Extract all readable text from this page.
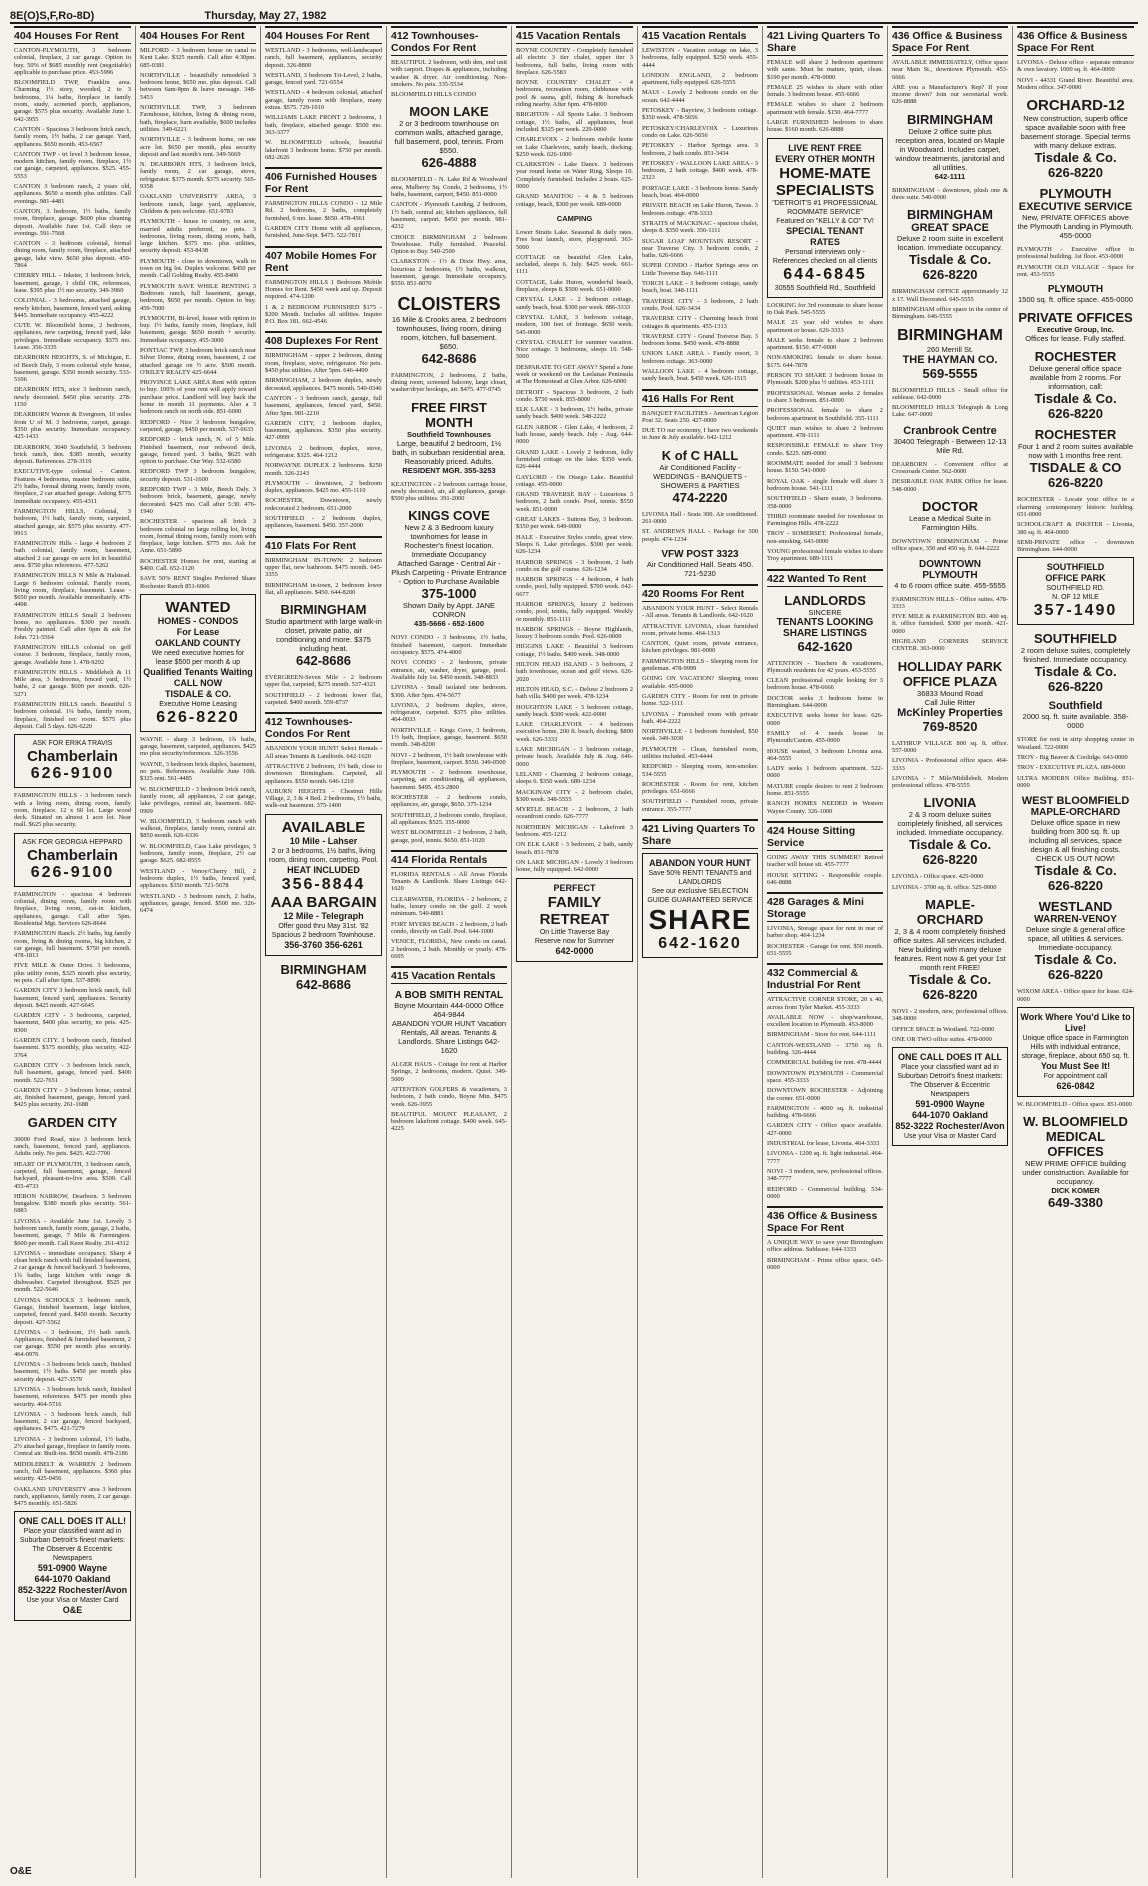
8E(O)S,F,Ro-8D)	Thursday, May 27, 1982
404 Houses For Rent

CANTON-PLYMOUTH, 3 bedroom colonial, fireplace, 2 car garage. Option to buy. 50% of $685 monthly rent (negotiable) applicable to purchase price. 453-5996

BLOOMFIELD TWP, Franklin area. Charming 1½ story, wooded, 2 to 3 bedrooms, 1¼ baths, fireplace in family room, study, screened porch, appliances, garage. $575 plus security. Available June 1. 642-3955

CANTON - Spacious 3 bedroom brick ranch, family room, 1½ baths, 2 car garage. Yard, appliances. $650 month. 453-6567

CANTON TWP - tri level 3 bedroom house, modern kitchen, family room, fireplace, 1½ car garage, carpeted, appliances. $525. 455-5553

CANTON 3 bedroom ranch, 2 years old, appliances. $650 a month plus utilities. Call evenings. 981-4481

CANTON, 3 bedroom, 1½ baths, family room, fireplace, garage. $600 plus cleaning deposit. Available June 1st. Call days or evenings. 591-7568

CANTON - 3 bedroom colonial, formal dining room, family room, fireplace, attached garage, lake view. $650 plus deposit. 459-7864

CHERRY HILL - Inkster, 3 bedroom brick, basement, garage, 1 child OK, references, lease. $395 plus 1½ mo security. 349-3960

COLONIAL - 3 bedrooms, attached garage, newly kitchen, basement, fenced yard, asking $445. Immediate occupancy. 455-4222

CUTE W. Bloomfield home, 2 bedroom, appliances, new carpeting, fenced yard, lake privileges. Immediate occupancy. $375 mo. Lease. 356-3335

DEARBORN HEIGHTS, S. of Michigan, E. of Beech Daly, 3 room colonial style house, basement, garage. $350 month security. 533-5106

DEARBORN HTS, nice 3 bedroom ranch, newly decorated. $450 plus security. 278-1150

DEARBORN Warren & Evergreen, 10 miles from U of M. 3 bedrooms, carpet, garage. $350 plus security. Immediate occupancy. 425-1433

DEARBORN, 3040 Southfield, 3 bedroom brick ranch, den. $385 month, security deposit. References. 278-3119

EXECUTIVE-type colonial - Canton. Features 4 bedrooms, master bedroom suite, 2½ baths, formal dining room, family room, fireplace, 2 car attached garage. Asking $775 immediate occupancy. 455-4311

FARMINGTON HILLS, Colonial, 3 bedroom, 1½ bath, family room, carpeted, attached garage, air. $575 plus security. 477-9913

FARMINGTON Hills - large 4 bedroom 2 bath colonial, family room, basement, attached 2 car garage on acre lot in beautiful area. $750 plus references. 477-5262

FARMINGTON HILLS N Mile & Halstead. Large 6 bedroom colonial. Family room, living room, fireplace, basement. Lease - $650 per month. Available immediately. 478-4498

FARMINGTON HILLS Small 2 bedroom home, no appliances. $300 per month. Freshly painted. Call after 6pm & ask for John. 721-5564

FARMINGTON HILLS colonial on golf course. 3 bedroom, fireplace, family room, garage. Available June 1. 478-9292

FARMINGTON HILLS - Middlebelt & 11 Mile area, 3 bedrooms, fenced yard, 1½ baths, 2 car garage. $600 per month. 626-5271

FARMINGTON HILLS ranch. Beautiful 3 bedroom colonial. 1¼ baths, family room, fireplace, finished rec room. $575 plus deposit. Call 5 days. 626-6220

ASK FOR ERIKA TRAVIS
Chamberlain
626-9100

FARMINGTON HILLS - 3 bedroom ranch with a living room, dining room, family room, fireplace. 12 x 60 lot. Large wood deck. Situated on almost 1 acre lot. Near mall. $625 plus security.

ASK FOR GEORGIA HEPPARD
Chamberlain
626-9100

FARMINGTON - spacious 4 bedroom colonial, dining room, family room with fireplace, living room, eat-in kitchen, appliances, garage. Call after 5pm. Residential Mgt. Services 626-8644

FARMINGTON Ranch. 2½ baths, big family room, living & dining rooms, big kitchen, 2 car garage, full basement. $750 per month. 478-1813

FIVE MILE & Outer Drive. 3 bedrooms, plus utility room, $325 month plus security, no pets. Call after 6pm. 537-8896

GARDEN CITY 3 bedroom brick ranch, full basement, fenced yard, appliances. Security deposit. $425 month. 427-6645

GARDEN CITY - 3 bedrooms, carpeted, basement, $400 plus security, no pets. 425-8300

GARDEN CITY. 3 bedroom ranch, finished basement. $375 monthly, plus security. 422-3764

GARDEN CITY - 3 bedroom brick ranch, full basement, garage, fenced yard. $400 month. 522-7651

GARDEN CITY - 3 bedroom home, central air, finished basement, garage, fenced yard. $425 plus security. 261-1688

GARDEN CITY

30000 Ford Road, nice 3 bedroom brick ranch, basement, fenced yard, appliances. Adults only. No pets. $425. 422-7700

HEART OF PLYMOUTH, 3 bedroom ranch, carpeted, full basement, garage, fenced backyard, pleasant-to-live area. $500. Call 455-4733

HERON NARROW, Dearborn. 3 bedroom bungalow. $380 month plus security. 561-6883

LIVONIA - Available June 1st. Lovely 3 bedroom ranch, family room, garage, 2 baths, basement, garage, 7 Mile & Farmington. $600 per month. Call Keen Realty. 261-4312

LIVONIA - immediate occupancy. Sharp 4 clean brick ranch with full finished basement, 2 car garage & fenced backyard. 3 bedrooms, 1¾ baths, large kitchen with range & dishwasher. Carpeted throughout. $525 per month. 522-5646

LIVONIA SCHOOLS 3 bedroom ranch, Garage, finished basement, large kitchen, carpeted, fenced yard. $450 month. Security deposit. 427-5562

LIVONIA - 3 bedroom, 1½ bath ranch. Appliances, finished & furnished basement, 2 car garage. $550 per month plus security. 464-0976

LIVONIA - 3 bedroom brick ranch, finished basement, 1½ baths. $450 per month plus security deposit. 427-3579

LIVONIA - 3 bedroom brick ranch, finished basement, references. $475 per month plus security. 464-5716

LIVONIA - 3 bedroom brick ranch, full basement, 2 car garage, fenced backyard, appliances. $475. 421-7279

LIVONIA - 3 bedroom colonial, 1½ baths, 2½ attached garage, fireplace in family room. Central air. Built-ins. $650 month. 478-2186

MIDDLEBELT & WARREN 2 bedroom ranch, full basement, appliances. $360 plus security. 425-0456

OAKLAND UNIVERSITY area 3 bedroom ranch, appliances, family room, 2 car garage. $475 monthly. 651-5826

ONE CALL DOES IT ALL!
Place your classified want ad in Suburban Detroit's finest markets: The Observer & Eccentric Newspapers
591-0900 Wayne
644-1070 Oakland
852-3222 Rochester/Avon
Use your Visa or Master Card
O&E
404 Houses For Rent

MILFORD - 3 bedroom house on canal to Kent Lake. $325 month. Call after 4:30pm. 685-0381

NORTHVILLE - beautifully remodeled 3 bedroom home, $650 mo. plus deposit. Call between 6am-8pm & leave message. 348-5453

NORTHVILLE TWP, 3 bedroom Farmhouse, kitchen, living & dining room, bath, fireplace, barn available, $600 includes utilities. 349-6221

NORTHVILLE - 3 bedroom home, on one acre lot. $650 per month, plus security deposit and last month's rent. 349-5669

N. DEARBORN HTS, 3 bedroom brick, family room, 2 car garage, stove, refrigerator. $375 month. $375 security. 565-9358

OAKLAND UNIVERSITY AREA, 3 bedroom ranch, large yard, appliances, Children & pets welcome. 651-9783

PLYMOUTH - house in country, on acre, married adults preferred, no pets. 3 bedrooms, living room, dining room, bath, large kitchen. $375 mo. plus utilities, security deposit. 453-8438

PLYMOUTH - close to downtown, walk to town on big lot. Duplex welcome. $450 per month. Call Golding Realty. 455-8400

PLYMOUTH SAVE WHILE RENTING 3 Bedroom ranch, full basement, garage, bedroom, $650 per month. Option to buy. 459-7000

PLYMOUTH, Bi-level, house with option to buy. 1½ baths, family room, fireplace, full basement, garage. $650 month + security. Immediate occupancy. 455-3000

PONTIAC TWP, 3 bedroom brick ranch near Silver Dome, dining room, basement, 2 car attached garage on ½ acre. $500 month. O'RILEY REALTY 425-6644

PROVINCE LAKE AREA Rent with option to buy. 100% of your rent will apply toward purchase price. Landlord will buy back the home in month 11 payments. Also a 3 bedroom ranch on north side. 851-6000

REDFORD - Nice 3 bedroom bungalow, carpeted, garage, $450 per month. 537-6633

REDFORD - brick ranch, N. of 5 Mile. Finished basement, rear redwood deck, garage, fenced yard. 3 baths, $625 with option to purchase. Our Way. 532-6580

REDFORD TWP 3 bedroom bungalow, security deposit. 531-1600

REDFORD TWP - 3 Mile, Beech Daly. 3 bedroom brick, basement, garage, newly decorated. $425 mo. Call after 5:30. 476-1940

ROCHESTER - spacious all brick 3 bedroom colonial on large rolling lot, living room, formal dining room, family room with fireplace, large kitchen. $775 mo. Ask for Anne. 651-5890

ROCHESTER Homes for rent, starting at $400. Call. 652-1120

SAVE 50% RENT Singles Preferred Share Rochester Ranch 851-6066

WANTED
HOMES - CONDOS
For Lease
OAKLAND COUNTY
We need executive homes for lease $500 per month & up
Qualified Tenants Waiting
CALL NOW
TISDALE & CO.
Executive Home Leasing
626-8220

WAYNE - sharp 3 bedroom, 1¾ baths, garage, basement, carpeted, appliances. $425 mo plus security/references. 326-3556

WAYNE, 3 bedroom brick duplex, basement, no pets. References. Available June 10th. $325 rent. 561-4485

W. BLOOMFIELD - 3 bedroom brick ranch, family room, all appliances, 2 car garage, lake privileges, central air, basement. 682-0909

W. BLOOMFIELD, 3 bedroom ranch with walkout, fireplace, family room, central air. $850 month. 626-6336

W. BLOOMFIELD, Cass Lake privileges, 3 bedroom, family room, fireplace, 2½ car garage. $625. 682-8555

WESTLAND - Venoy/Cherry Hill, 2 bedroom duplex, 1½ baths, fenced yard, appliances. $350 month. 721-5678

WESTLAND - 3 bedroom ranch, 2 baths, appliances, garage, fenced. $500 mo. 326-6474

404 Houses For Rent

WESTLAND - 3 bedrooms, well-landscaped ranch, full basement, appliances, security deposit. 326-8800

WESTLAND, 3 bedroom Tri-Level, 2 baths, garage, fenced yard. 721-6554

WESTLAND - 4 bedroom colonial, attached garage, family room with fireplace, many extras. $575. 729-1010

WILLIAMS LAKE FRONT 2 bedrooms, 1 bath, fireplace, attached garage. $500 mo. 363-3377

W. BLOOMFIELD schools, beautiful lakefront 3 bedroom home. $750 per month. 682-2626

406 Furnished Houses For Rent

FARMINGTON HILLS CONDO - 12 Mile Rd. 2 bedrooms, 2 baths, completely furnished, 6 mo. lease. $650. 478-4561

GARDEN CITY Home with all appliances, furnished, June-Sept. $475. 522-7811

407 Mobile Homes For Rent

FARMINGTON HILLS 1 Bedroom Mobile Homes for Rent. $450 week and up. Deposit required. 474-1200

1 & 2 BEDROOM FURNISHED $175 - $200 Month. Includes all utilities. Inquire P.O. Box 181. 662-4546

408 Duplexes For Rent

BIRMINGHAM - upper 2 bedroom, dining room, fireplace, stove, refrigerator. No pets. $450 plus utilities. After 5pm. 646-4490

BIRMINGHAM, 2 bedroom duplex, newly decorated, appliances. $475 month. 540-0346

CANTON - 3 bedroom ranch, garage, full basement, appliances, fenced yard, $450. After 5pm. 981-2210

GARDEN CITY, 2 bedroom duplex, basement, appliances. $350 plus security. 427-0999

LIVONIA 2 bedroom duplex, stove, refrigerator. $325. 464-1212

NORWAYNE DUPLEX 2 bedrooms. $250 month. 326-2243

PLYMOUTH - downtown, 2 bedroom duplex, appliances. $425 mo. 455-1110

ROCHESTER, Downtown, newly redecorated 2 bedroom. 651-2000

SOUTHFIELD - 2 bedroom duplex, appliances, basement. $450. 357-2000

410 Flats For Rent

BIRMINGHAM IN-TOWN: 2 bedroom upper flat, new bathroom. $475 month. 645-3355

BIRMINGHAM in-town, 2 bedroom lower flat, all appliances. $450. 644-8200

BIRMINGHAM
Studio apartment with large walk-in closet, private patio, air conditioning and more. $375 including heat.
642-8686

EVERGREEN-Seven Mile - 2 bedroom upper flat, carpeted, $275 month. 537-4321

SOUTHFIELD - 2 bedroom lower flat, carpeted. $400 month. 559-8737

412 Townhouses-Condos For Rent

ABANDON YOUR HUNT! Select Rentals - All areas Tenants & Landlords. 642-1620

ATTRACTIVE 2 bedroom, 1½ bath, close to downtown Birmingham. Carpeted, all appliances. $550 month. 646-1210

AUBURN HEIGHTS - Chestnut Hills Village, 2, 3 & 4 Bed. 2 bedrooms, 1½ baths, walk-out basement. 375-1400

AVAILABLE
10 Mile - Lahser
2 or 3 bedrooms, 1½ baths, living room, dining room, carpeting. Pool.
HEAT INCLUDED
356-8844
AAA BARGAIN
12 Mile - Telegraph
Offer good thru May 31st. '82 Spacious 2 bedroom Townhouse.
356-3760 356-6261
BIRMINGHAM
642-8686
412 Townhouses-Condos For Rent

BEAUTIFUL 2 bedroom, with den, end unit with carport. Drapes & appliances, including washer & dryer. Air conditioning. Non-smokers. No pets. 335-5534

BLOOMFIELD HILLS CONDO

MOON LAKE
2 or 3 bedroom townhouse on common walls, attached garage, full basement, pool, tennis. From $550.
626-4888

BLOOMFIELD - N. Lake Rd & Woodward area, Mulberry Sq. Condo, 2 bedrooms, 1½ baths, basement, carport, $450. 851-0000

CANTON - Plymouth Landing, 2 bedroom, 1½ bath, central air, kitchen appliances, full basement, carport. $450 per month. 981-4232

CHOICE BIRMINGHAM 2 bedroom Townhouse. Fully furnished. Peaceful. Option to Buy. 540-2500

CLARKSTON - 1½ & Dixie Hwy. area, luxurious 2 bedrooms, 1½ baths, walkout, basement, garage. Immediate occupancy. $550. 851-8070

CLOISTERS
16 Mile & Crooks area. 2 bedroom townhouses, living room, dining room, kitchen, full basement. $650.
642-8686

FARMINGTON, 2 bedrooms, 2 baths, dining room, screened balcony, large closet, washer/dryer hookups, air. $475. 477-0745

FREE FIRST MONTH
Southfield Townhouses
Large, beautiful 2 bedroom, 1½ bath, in suburban residential area. Reasonably priced. Adults.
RESIDENT MGR. 355-3253

KEATINGTON - 2 bedroom carriage house, newly decorated, air, all appliances, garage. $500 plus utilities. 391-2000

KINGS COVE
New 2 & 3 Bedroom luxury townhomes for lease in Rochester's finest location. Immediate Occupancy
Attached Garage - Central Air - Plush Carpeting - Private Entrance - Option to Purchase Available
375-1000
Shown Daily by Appt. JANE CONRON
435-5666 - 652-1600

NOVI CONDO - 3 bedrooms, 1½ baths, finished basement, carport. Immediate occupancy. $575. 474-4000

NOVI CONDO - 2 bedroom, private entrance, air, washer, dryer, garage, pool. Available July 1st. $450 month. 348-8833

LIVONIA - Small isolated one bedroom. $300. After 5pm. 474-5677

LIVONIA, 2 bedroom duplex, stove, refrigerator, carpeted. $375 plus utilities. 464-0033

NORTHVILLE - Kings Cove, 3 bedroom, 1½ bath, fireplace, garage, basement. $650 month. 348-8200

NOVI - 2 bedroom, 1½ bath townhouse with fireplace, basement, carport. $550. 349-0500

PLYMOUTH - 2 bedroom townhouse, carpeting, air conditioning, all appliances, basement. $495. 453-2800

ROCHESTER - 2 bedroom condo, appliances, air, garage, $650. 375-1234

SOUTHFIELD, 2 bedroom condo, fireplace, all appliances. $525. 355-0000

WEST BLOOMFIELD - 2 bedroom, 2 bath, garage, pool, tennis. $650. 851-1020

414 Florida Rentals

FLORIDA RENTALS - All Areas Florida Tenants & Landlords. Share Listings 642-1620

CLEARWATER, FLORIDA - 2 bedroom, 2 baths, luxury condo on the gulf. 2 week minimum. 540-8881

FORT MYERS BEACH - 2 bedroom, 2 bath condo, directly on Gulf. Pool. 644-1000

VENICE, FLORIDA, New condo on canal. 2 bedroom, 2 bath. Monthly or yearly. 478-6695

415 Vacation Rentals
A BOB SMITH RENTAL
Boyne Mountain 444-0000 Office 464-9844
ABANDON YOUR HUNT Vacation Rentals, All areas. Tenants & Landlords. Share Listings 642-1620

ALGER HAUS - Cottage for rent at Harbor Springs, 2 bedrooms, modern. Quiet. 349-5000

ATTENTION GOLFERS & vacationers, 3 bedroom, 2 bath condo, Boyne Mtn. $475 week. 626-3955

BEAUTIFUL MOUNT PLEASANT, 2 bedroom lakefront cottage. $400 week. 645-4225

415 Vacation Rentals

BOYNE COUNTRY - Completely furnished all electric 3 tier chalet, upper tier 3 bedrooms, full baths, living room with fireplace. 626-5583

BOYNE COUNTRY CHALET - 4 bedrooms, recreation room, clubhouse with pool & sauna, golf, fishing & horseback riding nearby. After 6pm. 478-0000

BRIGHTON - All Sports Lake. 3 bedroom cottage, 1½ baths, all appliances, boat included. $325 per week. 229-0000

CHARLEVOIX - 2 bedroom mobile home on Lake Charlevoix, sandy beach, docking. $250 week. 626-1000

CLARKSTON - Lake Dance. 3 bedroom year round home on Water Ring, Sleeps 10. Completely furnished. Includes 2 boats. 625-0000

GRAND MANITOU - 4 & 5 bedroom cottage, beach, $300 per week. 689-0000

CAMPING

Lower Straits Lake. Seasonal & daily rates. Free boat launch, store, playground. 363-5000

COTTAGE on beautiful Glen Lake, secluded, sleeps 6. July. $425 week. 661-1111

COTTAGE, Lake Huron, wonderful beach, fireplace, sleeps 8. $500 week. 651-0000

CRYSTAL LAKE - 2 bedroom cottage, sandy beach, boat. $300 per week. 886-3333

CRYSTAL LAKE, 3 bedroom cottage, modern, 100 feet of frontage. $650 week. 545-0000

CRYSTAL CHALET for summer vacation. Nice cottage. 3 bedrooms, sleeps 10. 548-5000

DESPARATE TO GET AWAY? Spend a June week or weekend on the Leelanau Peninsula at The Homestead at Glen Arbor. 626-6000

DETROIT - Spacious 3 bedroom, 2 bath condo. $750 week. 855-8000

ELK LAKE - 3 bedroom, 1½ baths, private sandy beach. $400 week. 348-2222

GLEN ARBOR - Glen Lake, 4 bedroom, 2 bath house, sandy beach. July - Aug. 644-0000

GRAND LAKE - Lovely 2 bedroom, fully furnished cottage on the lake. $350 week. 626-4444

GAYLORD - On Otsego Lake. Beautiful cottage. 455-0000

GRAND TRAVERSE BAY - Luxurious 3 bedroom, 2 bath condo. Pool, tennis. $550 week. 851-0000

GREAT LAKES - Suttons Bay, 3 bedroom. $350 per week. 649-0000

HALE - Executive Styles condo, great view. Sleeps 6. Lake privileges. $300 per week. 626-1234

HARBOR SPRINGS - 3 bedroom, 2 bath condo on the golf course. 626-1234

HARBOR SPRINGS - 4 bedroom, 4 bath condo, pool, fully equipped. $700 week. 642-6677

HARBOR SPRINGS, luxury 2 bedroom condo, pool, tennis, fully equipped. Weekly or monthly. 851-1111

HARBOR SPRINGS - Boyne Highlands, luxury 3 bedroom condo. Pool. 626-0000

HIGGINS LAKE - Beautiful 3 bedroom cottage, 1½ baths. $400 week. 348-0000

HILTON HEAD ISLAND - 3 bedroom, 2 bath townhouse, ocean and golf views. 626-2020

HILTON HEAD, S.C. - Deluxe 2 bedroom 2 bath villa. $400 per week. 478-1234

HOUGHTON LAKE - 3 bedroom cottage, sandy beach. $300 week. 422-0000

LAKE CHARLEVOIX - 4 bedroom executive home, 200 ft. beach, docking. $800 week. 626-3333

LAKE MICHIGAN - 3 bedroom cottage, private beach. Available July & Aug. 646-0000

LELAND - Charming 2 bedroom cottage, sleeps 6. $350 week. 689-1234

MACKINAW CITY - 2 bedroom chalet, $300 week. 348-5555

MYRTLE BEACH - 2 bedroom, 2 bath oceanfront condo. 626-7777

NORTHERN MICHIGAN - Lakefront 3 bedroom. 455-1212

ON ELK LAKE - 3 bedroom, 2 bath, sandy beach. 851-7878

ON LAKE MICHIGAN - Lovely 3 bedroom home, fully equipped. 642-0000

PERFECT
FAMILY RETREAT
On Little Traverse Bay
Reserve now for Summer
642-0000
415 Vacation Rentals

LEWISTON - Vacation cottage on lake, 3 bedrooms, fully equipped. $250 week. 455-4444

LONDON ENGLAND, 2 bedroom apartment, fully equipped. 626-5555

MAUI - Lovely 2 bedroom condo on the ocean. 642-4444

PETOSKEY - Bayview, 3 bedroom cottage. $350 week. 478-5656

PETOSKEY/CHARLEVOIX - Luxurious condo on Lake. 626-5656

PETOSKEY - Harbor Springs area. 3 bedroom, 2 bath condo. 851-3434

PETOSKEY - WALLOON LAKE AREA - 3 bedroom, 2 bath cottage. $400 week. 478-2323

PORTAGE LAKE - 3 bedroom home. Sandy beach, boat. 464-0000

PRIVATE BEACH on Lake Huron, Tawas. 3 bedroom cottage. 478-3333

STRAITS of MACKINAC - spacious chalet, sleeps 8. $350 week. 356-1111

SUGAR LOAF MOUNTAIN RESORT - near Traverse City. 3 bedroom condo, 2 baths. 626-6666

SUPER CONDO - Harbor Springs area on Little Traverse Bay. 646-1111

TORCH LAKE - 3 bedroom cottage, sandy beach, boat. 348-1111

TRAVERSE CITY - 3 bedroom, 2 bath condo. Pool. 626-3434

TRAVERSE CITY - Charming beach front cottages & apartments. 455-1313

TRAVERSE CITY - Grand Traverse Bay. 3 bedroom home. $450 week. 478-8888

UNION LAKE AREA - Family resort, 3 bedroom cottage. 363-0000

WALLOON LAKE - 4 bedroom cottage, sandy beach, boat. $450 week. 626-1515

416 Halls For Rent

BANQUET FACILITIES - American Legion Post 32. Seats 250. 427-0000

DUE TO our economy, I have two weekends in June & July available. 642-1212

K of C HALL
Air Conditioned Facility - WEDDINGS - BANQUETS - SHOWERS & PARTIES
474-2220

LIVONIA Hall - Seats 300. Air conditioned. 261-0000

ST. ANDREWS HALL - Package for 300 people. 474-1234

VFW POST 3323
Air Conditioned Hall. Seats 450. 721-5230
420 Rooms For Rent

ABANDON YOUR HUNT - Select Rentals - All areas. Tenants & Landlords. 642-1620

ATTRACTIVE LIVONIA, clean furnished room, private home. 464-1313

CANTON, Quiet room, private entrance, kitchen privileges. 981-0000

FARMINGTON HILLS - Sleeping room for gentleman. 478-9999

GOING ON VACATION? Sleeping room available. 455-0000

GARDEN CITY - Room for rent in private home. 522-1111

LIVONIA - Furnished room with private bath. 464-2222

NORTHVILLE - 1 bedroom furnished, $50 week. 349-3030

PLYMOUTH - Clean, furnished room, utilities included. 453-4444

REDFORD - Sleeping room, non-smoker. 534-5555

ROCHESTER - Room for rent, kitchen privileges. 651-6666

SOUTHFIELD - Furnished room, private entrance. 355-7777

421 Living Quarters To Share
ABANDON YOUR HUNT
Save 50% RENT! TENANTS and LANDLORDS
See our exclusive SELECTION GUIDE GUARANTEED SERVICE
SHARE
642-1620
421 Living Quarters To Share

FEMALE will share 2 bedroom apartment with same. Must be mature, quiet, clean. $190 per month. 478-0000

FEMALE 25 wishes to share with other female. 3 bedroom house. 455-6666

FEMALE wishes to share 2 bedroom apartment with female. $150. 464-7777

LARGE FURNISHED bedroom to share house. $160 month. 626-8888

LIVE RENT FREE
EVERY OTHER MONTH
HOME-MATE SPECIALISTS
"DETROIT'S #1 PROFESSIONAL ROOMMATE SERVICE"
Featured on "KELLY & CO" TV!
SPECIAL TENANT RATES
Personal interviews only - References checked on all clients
644-6845
30555 Southfield Rd., Southfield

LOOKING for 3rd roommate to share house in Oak Park. 545-5555

MALE 23 year old wishes to share apartment or house. 626-3333

MALE seeks female to share 2 bedroom apartment. $150. 477-0000

NON-SMOKING female to share house. $175. 644-7878

PERSON TO SHARE 3 bedroom house in Plymouth. $200 plus ½ utilities. 453-1111

PROFESSIONAL Woman seeks 2 females to share 3 bedroom. 851-0000

PROFESSIONAL female to share 2 bedroom apartment in Southfield. 355-1111

QUIET man wishes to share 2 bedroom apartment. 478-1111

RESPONSIBLE FEMALE to share Troy condo. $225. 689-0000

ROOMMATE needed for small 3 bedroom house. $150. 541-0000

ROYAL OAK - single female will share 3 bedroom house. 541-1111

SOUTHFIELD - Share estate, 3 bedrooms. 358-0000

THIRD roommate needed for townhouse in Farmington Hills. 478-2222

TROY - SOMERSET. Professional female, non-smoking. 643-0000

YOUNG professional female wishes to share Troy apartment. 689-1111

422 Wanted To Rent
LANDLORDS
SINCERE
TENANTS LOOKING
SHARE LISTINGS
642-1620

ATTENTION - Teachers & vacationers, Plymouth residents for 42 years. 453-5555

CLEAN professional couple looking for 3 bedroom house. 478-6666

DOCTOR seeks 3 bedroom home in Birmingham. 644-0000

EXECUTIVE seeks home for lease. 626-0000

FAMILY of 4 needs house in Plymouth/Canton. 455-0000

HOUSE wanted, 3 bedroom Livonia area. 464-5555

LADY seeks 1 bedroom apartment. 522-0000

MATURE couple desires to rent 2 bedroom home. 851-5555

RANCH HOMES NEEDED in Western Wayne County. 326-1000

424 House Sitting Service

GOING AWAY THIS SUMMER? Retired teacher will house sit. 455-7777

HOUSE SITTING - Responsible couple. 646-8888

428 Garages & Mini Storage

LIVONIA, Storage space for rent in rear of barber shop. 464-1234

ROCHESTER - Garage for rent. $50 month. 651-5555

432 Commercial & Industrial For Rent

ATTRACTIVE CORNER STORE, 20 x 40, across from Tyler Market. 455-3333

AVAILABLE NOW - shop/warehouse, excellent location in Plymouth. 453-8000

BIRMINGHAM - Store for rent. 644-1111

CANTON-WESTLAND - 3750 sq. ft. building. 326-4444

COMMERCIAL building for rent. 478-4444

DOWNTOWN PLYMOUTH - Commercial space. 455-3333

DOWNTOWN ROCHESTER - Adjoining the corner. 651-0000

FARMINGTON - 4000 sq. ft. industrial building. 478-6666

GARDEN CITY - Office space available. 427-0000

INDUSTRIAL for lease, Livonia. 464-3333

LIVONIA - 1200 sq. ft. light industrial. 464-7777

NOVI - 3 modern, new, professional offices. 348-7777

REDFORD - Commercial building. 534-0000

436 Office & Business Space For Rent

A UNIQUE WAY to save your Birmingham office address. Sublease. 644-3333

BIRMINGHAM - Prime office space. 645-0000

436 Office & Business Space For Rent

AVAILABLE IMMEDIATELY, Office space near Main St., downtown Plymouth. 453-6666

ARE you a Manufacturer's Rep? If your income down? Join our secretarial work. 626-8888

BIRMINGHAM
Deluxe 2 office suite plus reception area, located on Maple in Woodward. Includes carpet, window treatments, janitorial and all utilities.
642-1111

BIRMINGHAM - downtown, plush one & three suite. 540-0000

BIRMINGHAM
GREAT SPACE
Deluxe 2 room suite in excellent location. Immediate occupancy.
Tisdale & Co.
626-8220

BIRMINGHAM OFFICE approximately 12 x 17. Wall Decorated. 645-5555

BIRMINGHAM office space in the center of Birmingham. 646-5555

BIRMINGHAM
260 Merrill St.
THE HAYMAN CO.
569-5555

BLOOMFIELD HILLS - Small office for sublease. 642-0000

BLOOMFIELD HILLS Telegraph & Long Lake. 647-0000

Cranbrook Centre
30400 Telegraph - Between 12-13 Mile Rd.

DEARBORN - Convenient office at Crossroads Center. 562-0000

DESIRABLE OAK PARK Office for lease. 548-0000

DOCTOR
Lease a Medical Suite in Farmington Hills.

DOWNTOWN BIRMINGHAM - Prime office space, 350 and 450 sq. ft. 644-2222

DOWNTOWN PLYMOUTH
4 to 6 room office suite. 455-5555

FARMINGTON HILLS - Office suites. 478-3333

FIVE MILE & FARMINGTON RD. 400 sq. ft. office furnished. $300 per month. 421-0000

HIGHLAND CORNERS SERVICE CENTER. 363-0000

HOLLIDAY PARK
OFFICE PLAZA
36833 Mound Road
Call Julie Ritter
McKinley Properties
769-8520

LATHRUP VILLAGE 800 sq. ft. office. 557-0000

LIVONIA - Professional office space. 464-3333

LIVONIA - 7 Mile/Middlebelt. Modern professional offices. 478-5555

LIVONIA
2 & 3 room deluxe suites completely finished, all services included. Immediate occupancy.
Tisdale & Co.
626-8220

LIVONIA - Office space. 425-0000

LIVONIA - 3700 sq. ft. office. 525-0000

MAPLE-ORCHARD
2, 3 & 4 room completely finished office suites. All services included. New building with many deluxe features. Rent now & get your 1st month rent FREE!
Tisdale & Co.
626-8220

NOVI - 2 modern, new, professional offices. 348-0000

OFFICE SPACE in Westland. 722-0000

ONE OR TWO office suites. 478-0000

ONE CALL DOES IT ALL
Place your classified want ad in Suburban Detroit's finest markets: The Observer & Eccentric Newspapers
591-0900 Wayne
644-1070 Oakland
852-3222 Rochester/Avon
Use your Visa or Master Card
436 Office & Business Space For Rent

LIVONIA - Deluxe office - separate entrance & own lavatory. 1000 sq. ft. 464-0000

NOVI - 44331 Grand River. Beautiful area. Modern office. 347-0000

ORCHARD-12
New construction, superb office space available soon with free basement storage. Special terms with many deluxe extras.
Tisdale & Co.
626-8220
PLYMOUTH
EXECUTIVE SERVICE
New, PRIVATE OFFICES above the Plymouth Landing in Plymouth. 455-0000

PLYMOUTH - Executive office in professional building. 1st floor. 453-0000

PLYMOUTH OLD VILLAGE - Space for rent. 453-5555

PLYMOUTH
1500 sq. ft. office space. 455-0000
PRIVATE OFFICES
Executive Group, Inc.
Offices for lease. Fully staffed.
ROCHESTER
Deluxe general office space available from 2 rooms. For information, call:
Tisdale & Co.
626-8220
ROCHESTER
Four 1 and 2 room suites available now with 1 months free rent.
TISDALE & CO
626-8220

ROCHESTER - Locate your office in a charming contemporary historic building. 651-0000

SCHOOLCRAFT & INKSTER - Livonia, 380 sq. ft. 464-0000

SEMI-PRIVATE office - downtown Birmingham. 644-0000

SOUTHFIELD
OFFICE PARK
SOUTHFIELD RD.
N. OF 12 MILE
357-1490
SOUTHFIELD
2 room deluxe suites, completely finished. Immediate occupancy.
Tisdale & Co.
626-8220
Southfield
2000 sq. ft. suite available. 358-0000

STORE for rent in strip shopping center in Westland. 722-0000

TROY - Big Beaver & Coolidge. 643-0000

TROY - EXECUTIVE PLAZA. 689-0000

ULTRA MODERN Office Building. 851-0000

WEST BLOOMFIELD
MAPLE-ORCHARD
Deluxe office space in new building from 300 sq. ft. up including all services, space design & all finishing costs. CHECK US OUT NOW!
Tisdale & Co.
626-8220
WESTLAND
WARREN-VENOY
Deluxe single & general office space, all utilities & services. Immediate occupancy.
Tisdale & Co.
626-8220

WIXOM AREA - Office space for lease. 624-0000

Work Where You'd Like to Live!
Unique office space in Farmington Hills with individual entrance, storage, fireplace, about 650 sq. ft.
You Must See It!
For appointment call
626-0842

W. BLOOMFIELD - Office space. 851-0000

W. BLOOMFIELD
MEDICAL OFFICES
NEW PRIME OFFICE building under construction. Available for occupancy.
DICK KOMER
649-3380
O&E
